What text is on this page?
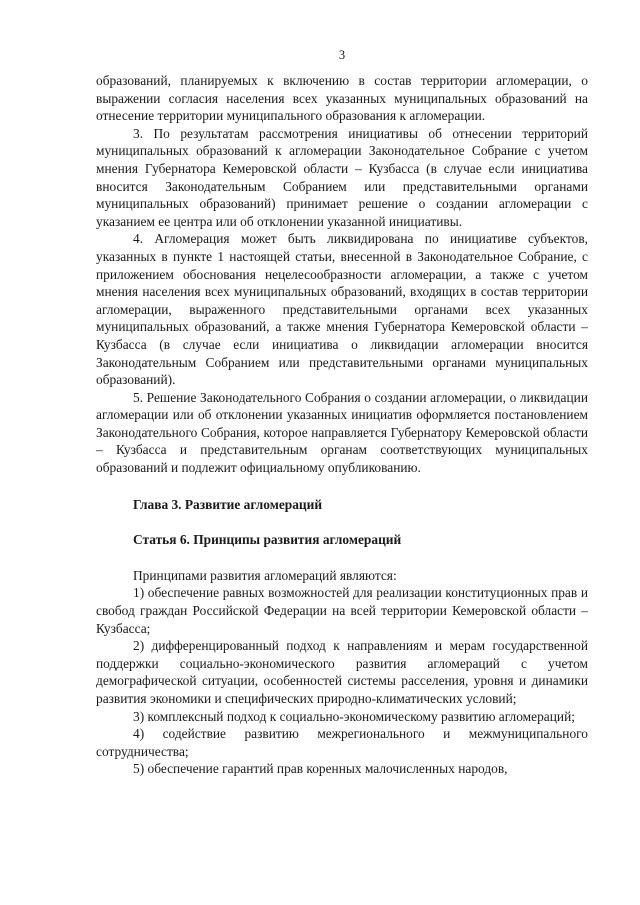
3

образований, планируемых к включению в состав территории агломерации, о выражении согласия населения всех указанных муниципальных образований на отнесение территории муниципального образования к агломерации.

3. По результатам рассмотрения инициативы об отнесении территорий муниципальных образований к агломерации Законодательное Собрание с учетом мнения Губернатора Кемеровской области – Кузбасса (в случае если инициатива вносится Законодательным Собранием или представительными органами муниципальных образований) принимает решение о создании агломерации с указанием ее центра или об отклонении указанной инициативы.

4. Агломерация может быть ликвидирована по инициативе субъектов, указанных в пункте 1 настоящей статьи, внесенной в Законодательное Собрание, с приложением обоснования нецелесообразности агломерации, а также с учетом мнения населения всех муниципальных образований, входящих в состав территории агломерации, выраженного представительными органами всех указанных муниципальных образований, а также мнения Губернатора Кемеровской области – Кузбасса (в случае если инициатива о ликвидации агломерации вносится Законодательным Собранием или представительными органами муниципальных образований).

5. Решение Законодательного Собрания о создании агломерации, о ликвидации агломерации или об отклонении указанных инициатив оформляется постановлением Законодательного Собрания, которое направляется Губернатору Кемеровской области – Кузбасса и представительным органам соответствующих муниципальных образований и подлежит официальному опубликованию.

Глава 3. Развитие агломераций

Статья 6. Принципы развития агломераций

Принципами развития агломераций являются:

1) обеспечение равных возможностей для реализации конституционных прав и свобод граждан Российской Федерации на всей территории Кемеровской области – Кузбасса;

2) дифференцированный подход к направлениям и мерам государственной поддержки социально-экономического развития агломераций с учетом демографической ситуации, особенностей системы расселения, уровня и динамики развития экономики и специфических природно-климатических условий;

3) комплексный подход к социально-экономическому развитию агломераций;

4) содействие развитию межрегионального и межмуниципального сотрудничества;

5) обеспечение гарантий прав коренных малочисленных народов,
